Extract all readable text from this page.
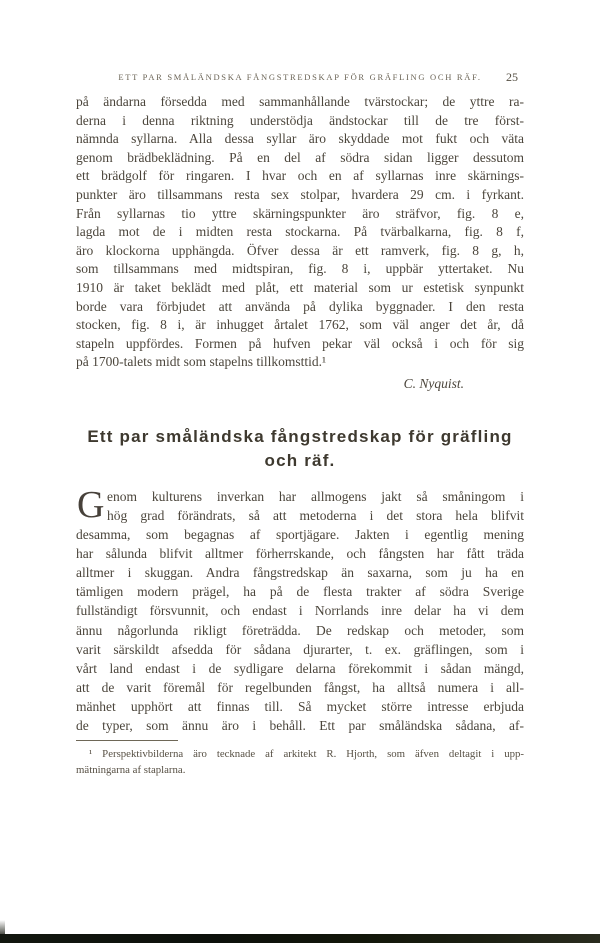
ETT PAR SMÅLÄNDSKA FÅNGSTREDSKAP FÖR GRÄFLING OCH RÄF. 25
på ändarna försedda med sammanhållande tvärstockar; de yttre ra-
derna i denna riktning understödja ändstockar till de tre först-
nämnda syllarna. Alla dessa syllar äro skyddade mot fukt och väta
genom brädbeklädning. På en del af södra sidan ligger dessutom
ett brädgolf för ringaren. I hvar och en af syllarnas inre skärnings-
punkter äro tillsammans resta sex stolpar, hvardera 29 cm. i fyrkant.
Från syllarnas tio yttre skärningspunkter äro sträfvor, fig. 8 e,
lagda mot de i midten resta stockarna. På tvärbalkarna, fig. 8 f,
äro klockorna upphängda. Öfver dessa är ett ramverk, fig. 8 g, h,
som tillsammans med midtspiran, fig. 8 i, uppbär yttertaket. Nu
1910 är taket beklädt med plåt, ett material som ur estetisk synpunkt
borde vara förbjudet att använda på dylika byggnader. I den resta
stocken, fig. 8 i, är inhugget årtalet 1762, som väl anger det år, då
stapeln uppfördes. Formen på hufven pekar väl också i och för sig
på 1700-talets midt som stapelns tillkomsttid.¹
C. Nyquist.
Ett par småländska fångstredskap för gräfling
och räf.
G enom kulturens inverkan har allmogens jakt så småningom i
hög grad förändrats, så att metoderna i det stora hela blifvit
desamma, som begagnas af sportjägare. Jakten i egentlig mening
har sålunda blifvit alltmer förherrskande, och fångsten har fått träda
alltmer i skuggan. Andra fångstredskap än saxarna, som ju ha en
tämligen modern prägel, ha på de flesta trakter af södra Sverige
fullständigt försvunnit, och endast i Norrlands inre delar ha vi dem
ännu någorlunda rikligt företrädda. De redskap och metoder, som
varit särskildt afsedda för sådana djurarter, t. ex. gräflingen, som i
vårt land endast i de sydligare delarna förekommit i sådan mängd,
att de varit föremål för regelbunden fångst, ha alltså numera i all-
mänhet upphört att finnas till. Så mycket större intresse erbjuda
de typer, som ännu äro i behåll. Ett par småländska sådana, af-
¹ Perspektivbilderna äro tecknade af arkitekt R. Hjorth, som äfven deltagit i upp-
mätningarna af staplarna.
